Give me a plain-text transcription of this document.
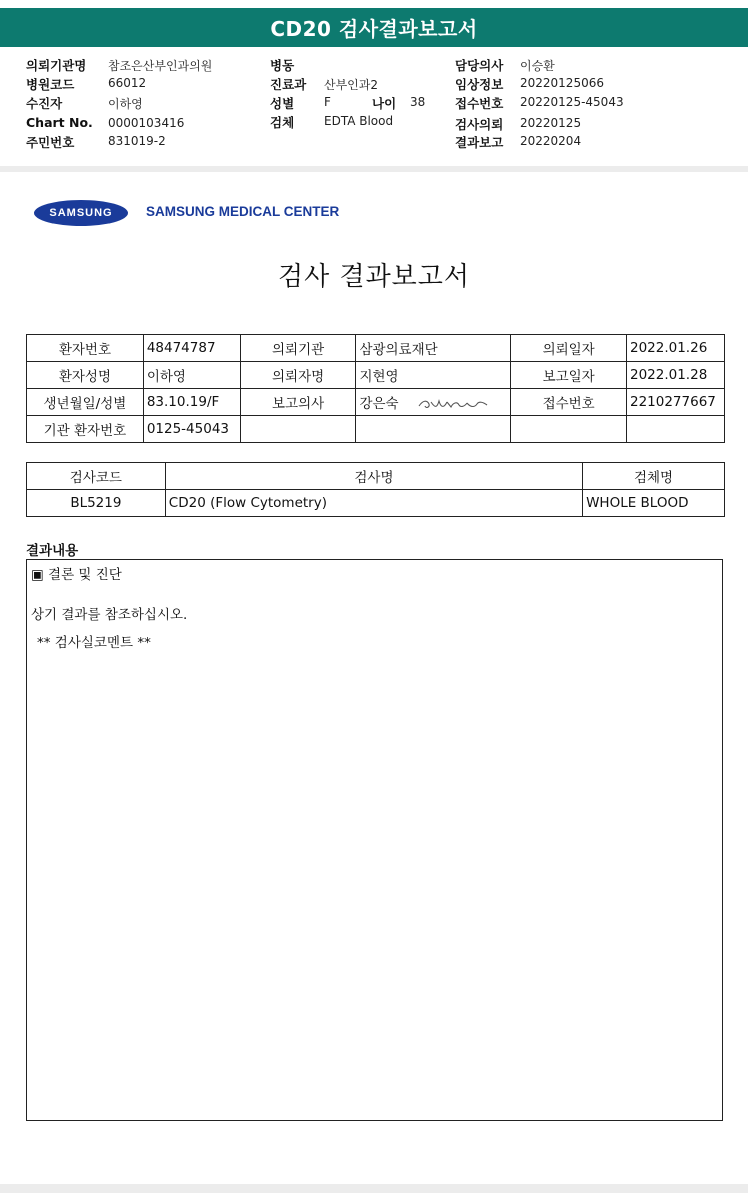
CD20 검사결과보고서
의뢰기관명 참조은산부인과의원
병원코드	66012
수진자	이하영
Chart No. 0000103416
주민번호	831019-2
병동
진료과 산부인과2
성별 F	나이 38
검체 EDTA Blood
담당의사 이승환
임상정보 20220125066
접수번호 20220125-45043
검사의뢰 20220125
결과보고 20220204
SAMSUNG	SAMSUNG MEDICAL CENTER
검사 결과보고서
환자번호	48474787	의뢰기관	삼광의료재단	의뢰일자	2022.01.26
환자성명	이하영	의뢰자명	지현영	보고일자	2022.01.28
생년월일/성별	83.10.19/F	보고의사	강은숙	접수번호	2210277667
기관 환자번호	0125-45043				
검사코드	검사명	검체명
BL5219	CD20 (Flow Cytometry)	WHOLE BLOOD
결과내용
▣ 결론 및 진단
상기 결과를 참조하십시오.
** 검사실코멘트 **
